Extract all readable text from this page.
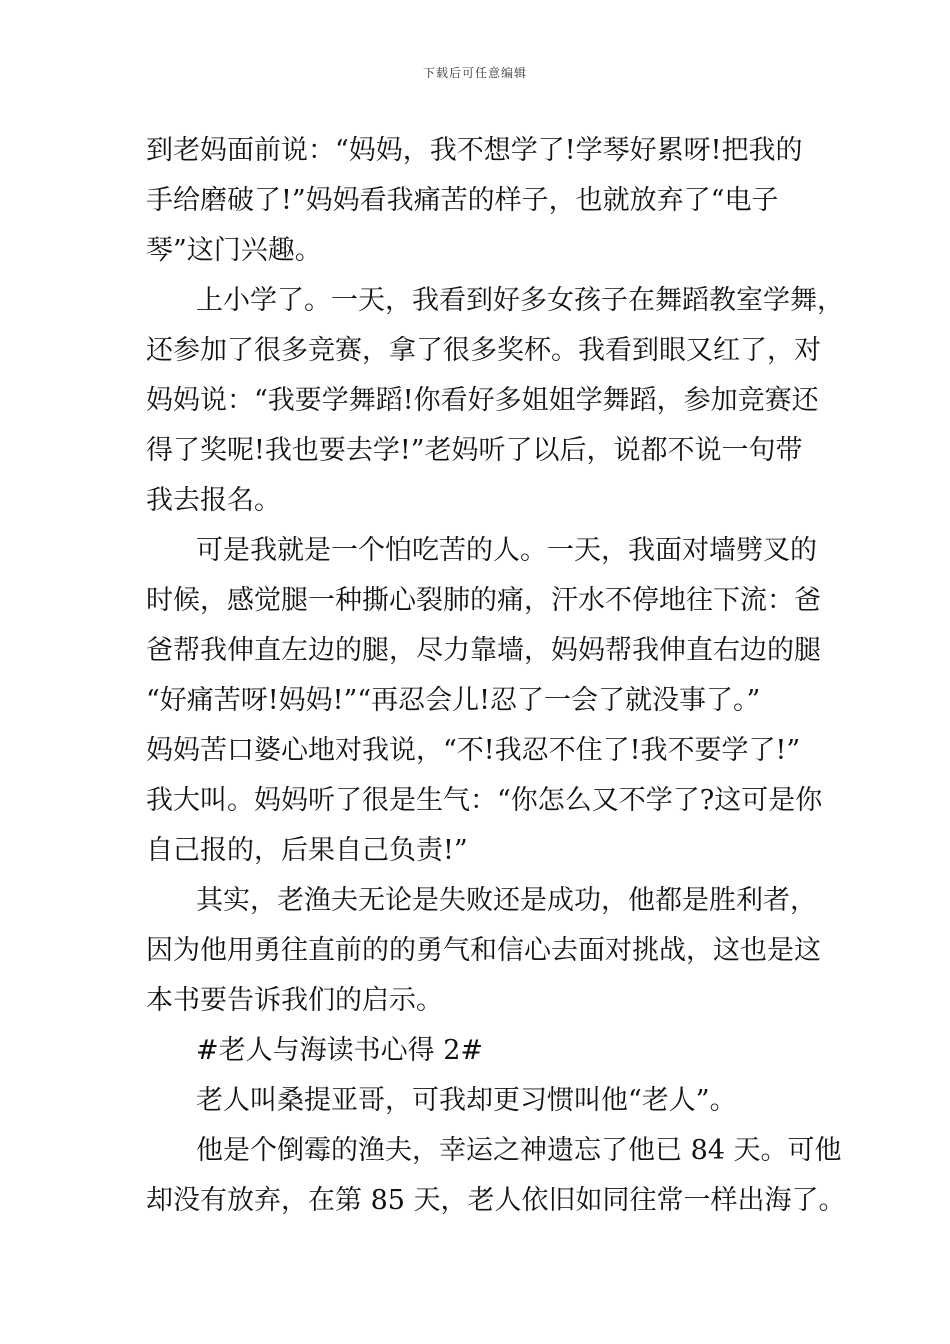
下载后可任意编辑
到老妈面前说：“妈妈，我不想学了!学琴好累呀!把我的
手给磨破了!”妈妈看我痛苦的样子，也就放弃了“电子
琴”这门兴趣。
上小学了。一天，我看到好多女孩子在舞蹈教室学舞，
还参加了很多竞赛，拿了很多奖杯。我看到眼又红了，对
妈妈说：“我要学舞蹈!你看好多姐姐学舞蹈，参加竞赛还
得了奖呢!我也要去学!”老妈听了以后，说都不说一句带
我去报名。
可是我就是一个怕吃苦的人。一天，我面对墙劈叉的
时候，感觉腿一种撕心裂肺的痛，汗水不停地往下流：爸
爸帮我伸直左边的腿，尽力靠墙，妈妈帮我伸直右边的腿
“好痛苦呀!妈妈!”“再忍会儿!忍了一会了就没事了。”
妈妈苦口婆心地对我说，“不!我忍不住了!我不要学了!”
我大叫。妈妈听了很是生气：“你怎么又不学了?这可是你
自己报的，后果自己负责!”
其实，老渔夫无论是失败还是成功，他都是胜利者，
因为他用勇往直前的的勇气和信心去面对挑战，这也是这
本书要告诉我们的启示。
#老人与海读书心得 2#
老人叫桑提亚哥，可我却更习惯叫他“老人”。
他是个倒霉的渔夫，幸运之神遗忘了他已 84 天。可他
却没有放弃，在第 85 天，老人依旧如同往常一样出海了。
